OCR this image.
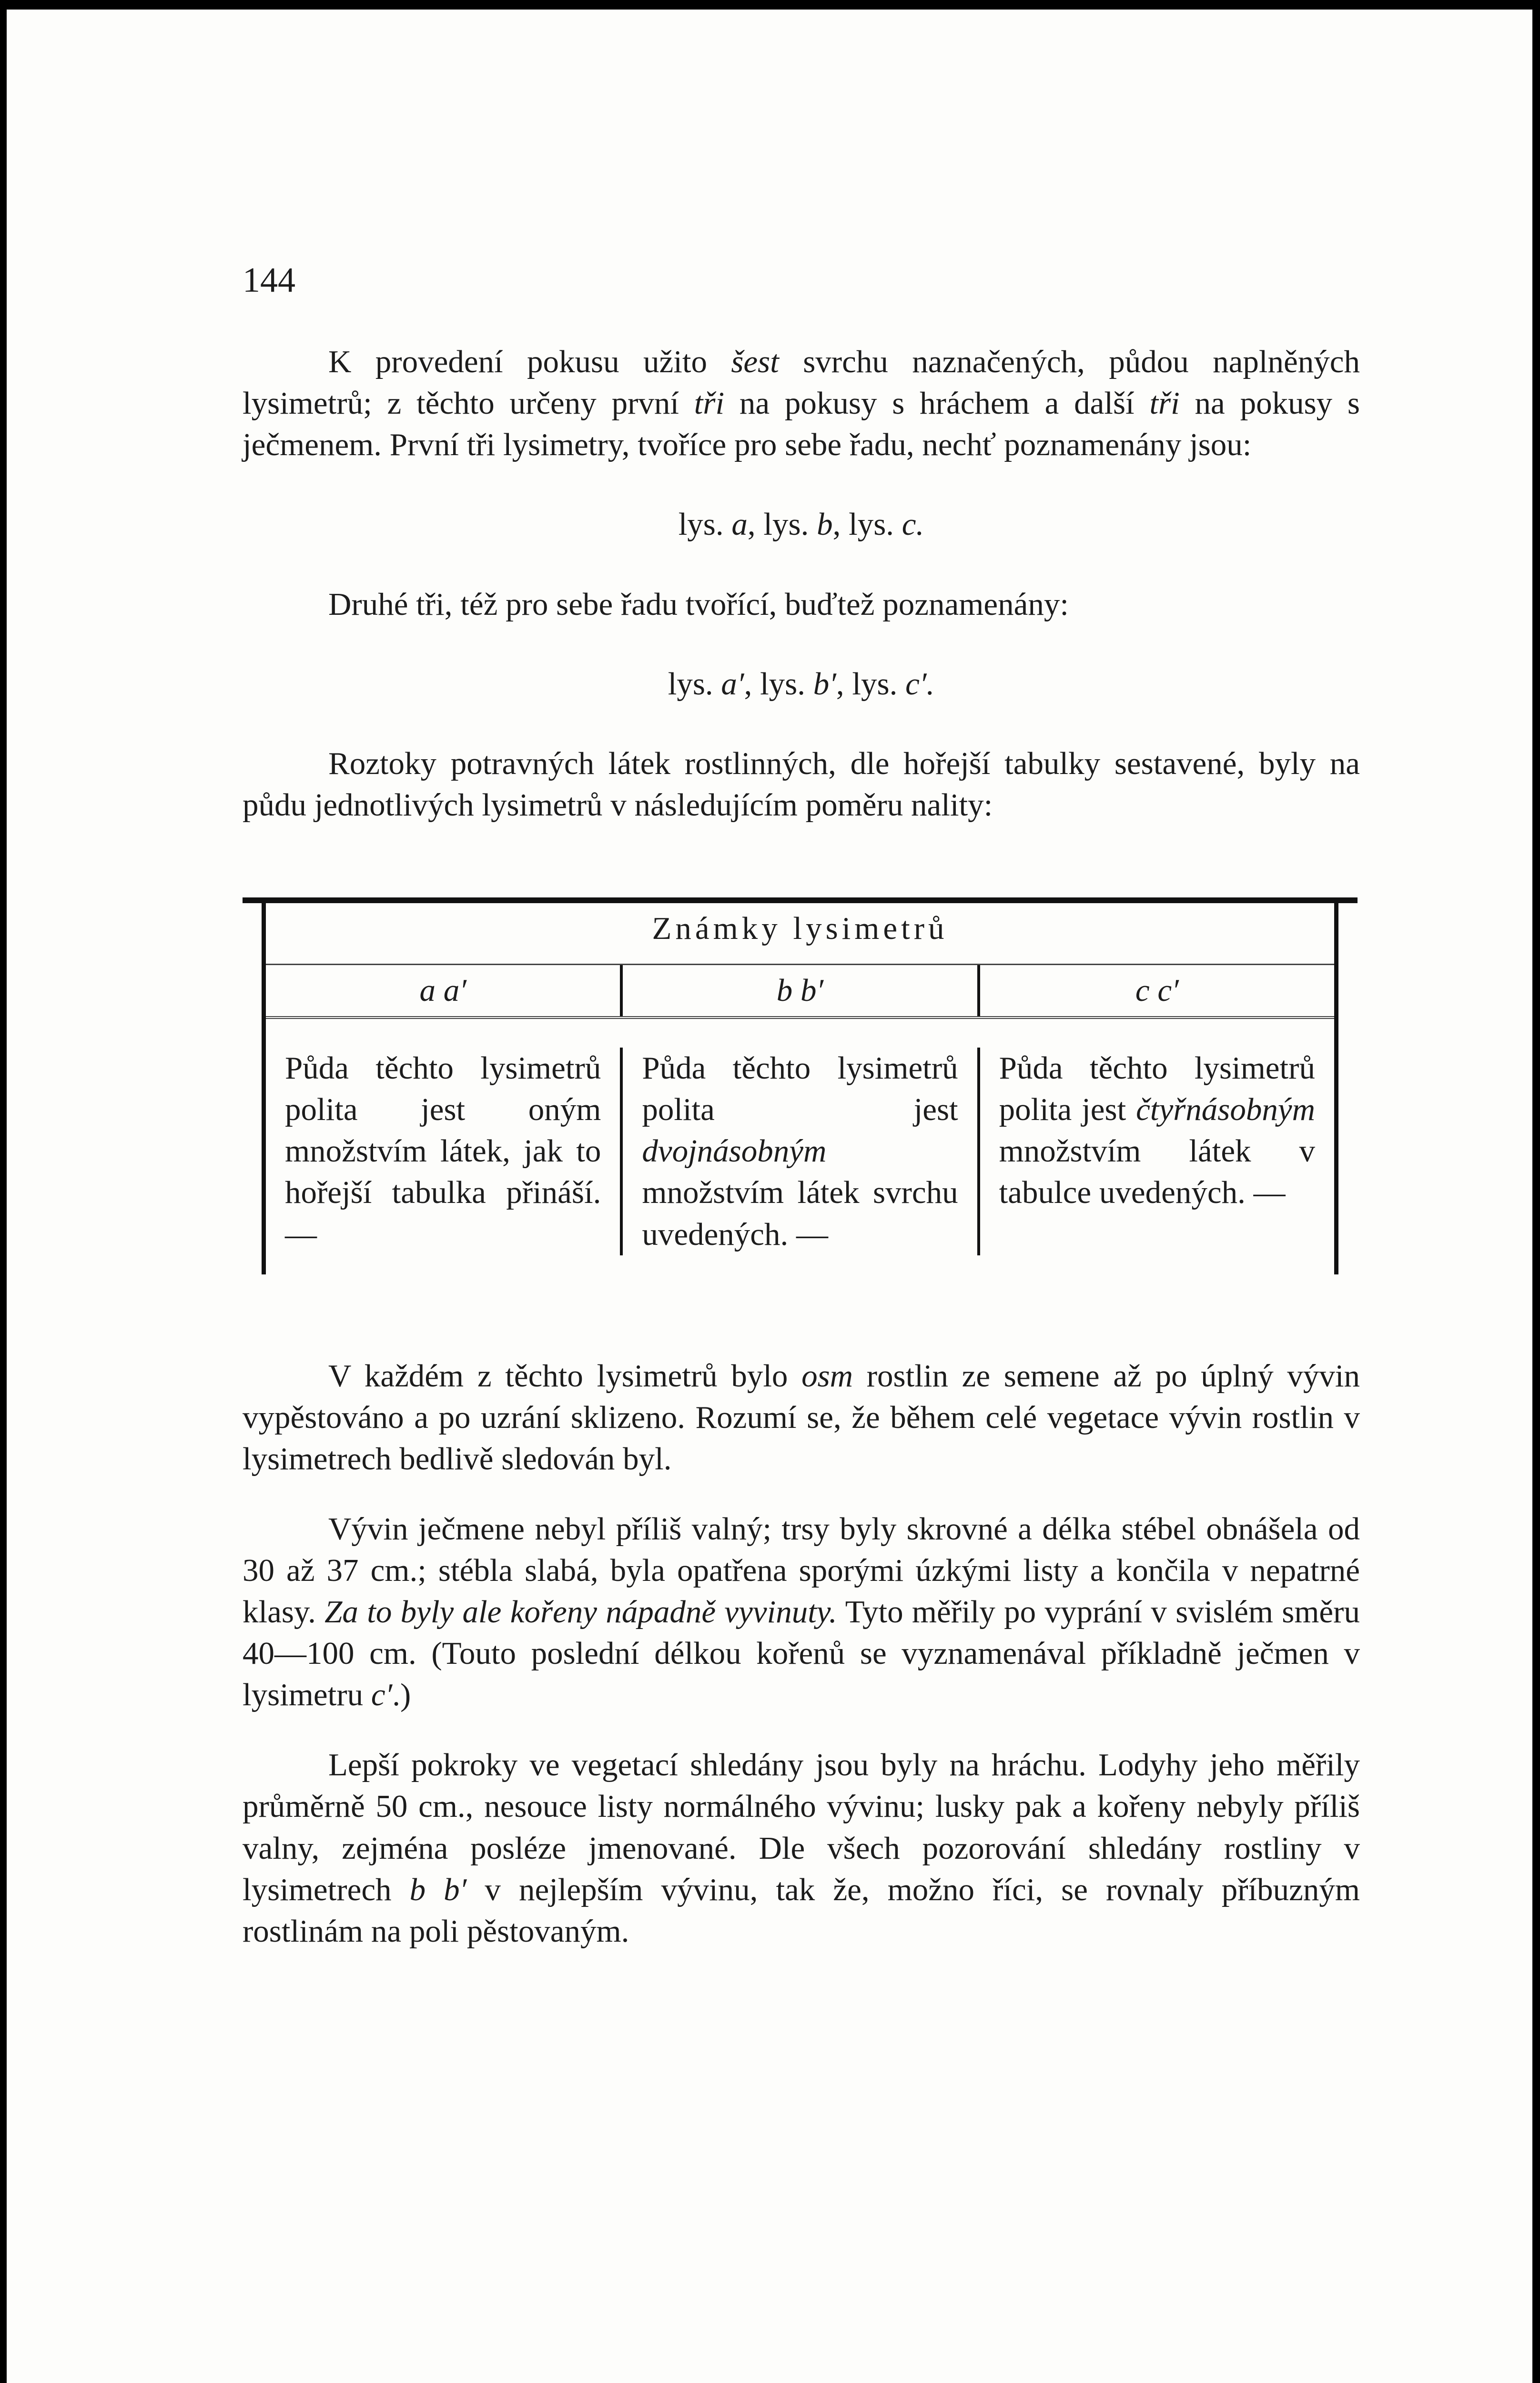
144

K provedení pokusu užito šest svrchu naznačených, půdou naplněných lysimetrů; z těchto určeny první tři na pokusy s hráchem a další tři na pokusy s ječmenem. První tři lysimetry, tvoříce pro sebe řadu, nechť poznamenány jsou:

lys. a, lys. b, lys. c.

Druhé tři, též pro sebe řadu tvořící, buďtež poznamenány:

lys. a′, lys. b′, lys. c′.

Roztoky potravných látek rostlinných, dle hořejší tabulky sestavené, byly na půdu jednotlivých lysimetrů v následujícím poměru nality:

Známky lysimetrů
a a′	b b′	c c′
Půda těchto lysimetrů polita jest oným množstvím látek, jak to hořejší tabulka přináší. —
Půda těchto lysimetrů polita jest dvojnásobným množstvím látek svrchu uvedených. —
Půda těchto lysimetrů polita jest čtyřnásobným množstvím látek v tabulce uvedených. —

V každém z těchto lysimetrů bylo osm rostlin ze semene až po úplný vývin vypěstováno a po uzrání sklizeno. Rozumí se, že během celé vegetace vývin rostlin v lysimetrech bedlivě sledován byl.

Vývin ječmene nebyl příliš valný; trsy byly skrovné a délka stébel obnášela od 30 až 37 cm.; stébla slabá, byla opatřena sporými úzkými listy a končila v nepatrné klasy. Za to byly ale kořeny nápadně vyvinuty. Tyto měřily po vyprání v svislém směru 40—100 cm. (Touto poslední délkou kořenů se vyznamenával příkladně ječmen v lysimetru c′.)

Lepší pokroky ve vegetací shledány jsou byly na hráchu. Lodyhy jeho měřily průměrně 50 cm., nesouce listy normálného vývinu; lusky pak a kořeny nebyly příliš valny, zejména posléze jmenované. Dle všech pozorování shledány rostliny v lysimetrech b b′ v nejlepším vývinu, tak že, možno říci, se rovnaly příbuzným rostlinám na poli pěstovaným.
